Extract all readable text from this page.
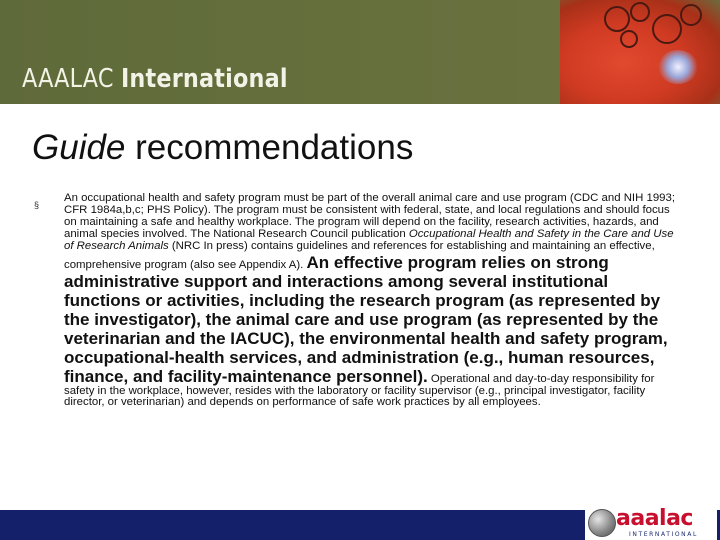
AAALAC International
Guide recommendations
§
An occupational health and safety program must be part of the overall animal care and use program (CDC and NIH 1993; CFR 1984a,b,c; PHS Policy). The program must be consistent with federal, state, and local regulations and should focus on maintaining a safe and healthy workplace. The program will depend on the facility, research activities, hazards, and animal species involved. The National Research Council publication Occupational Health and Safety in the Care and Use of Research Animals (NRC In press) contains guidelines and references for establishing and maintaining an effective, comprehensive program (also see Appendix A). An effective program relies on strong administrative support and interactions among several institutional functions or activities, including the research program (as represented by the investigator), the animal care and use program (as represented by the veterinarian and the IACUC), the environmental health and safety program, occupational-health services, and administration (e.g., human resources, finance, and facility-maintenance personnel). Operational and day-to-day responsibility for safety in the workplace, however, resides with the laboratory or facility supervisor (e.g., principal investigator, facility director, or veterinarian) and depends on performance of safe work practices by all employees.
aaalac
INTERNATIONAL
